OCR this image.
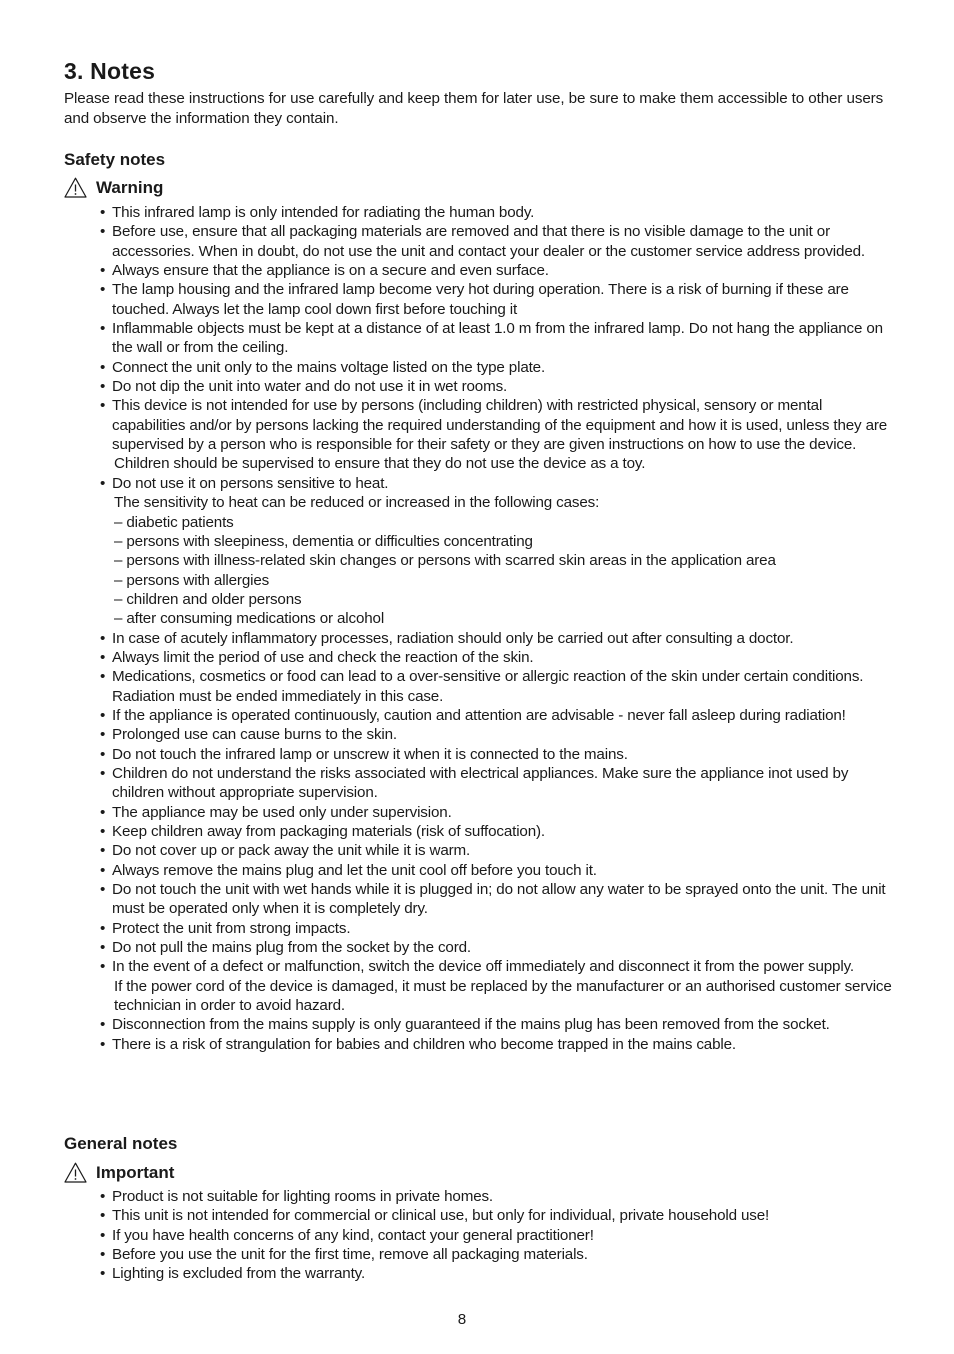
3. Notes

Please read these instructions for use carefully and keep them for later use, be sure to make them accessible to other users and observe the information they contain.

Safety notes
Warning
• This infrared lamp is only intended for radiating the human body.
• Before use, ensure that all packaging materials are removed and that there is no visible damage to the unit or accessories. When in doubt, do not use the unit and contact your dealer or the customer service address provided.
• Always ensure that the appliance is on a secure and even surface.
• The lamp housing and the infrared lamp become very hot during operation. There is a risk of burning if these are touched. Always let the lamp cool down first before touching it
• Inflammable objects must be kept at a distance of at least 1.0 m from the infrared lamp. Do not hang the appliance on the wall or from the ceiling.
• Connect the unit only to the mains voltage listed on the type plate.
• Do not dip the unit into water and do not use it in wet rooms.
• This device is not intended for use by persons (including children) with restricted physical, sensory or mental capabilities and/or by persons lacking the required understanding of the equipment and how it is used, unless they are supervised by a person who is responsible for their safety or they are given instructions on how to use the device.
Children should be supervised to ensure that they do not use the device as a toy.
• Do not use it on persons sensitive to heat.
The sensitivity to heat can be reduced or increased in the following cases:
– diabetic patients
– persons with sleepiness, dementia or difficulties concentrating
– persons with illness-related skin changes or persons with scarred skin areas in the application area
– persons with allergies
– children and older persons
– after consuming medications or alcohol
• In case of acutely inflammatory processes, radiation should only be carried out after consulting a doctor.
• Always limit the period of use and check the reaction of the skin.
• Medications, cosmetics or food can lead to a over-sensitive or allergic reaction of the skin under certain conditions. Radiation must be ended immediately in this case.
• If the appliance is operated continuously, caution and attention are advisable - never fall asleep during radiation!
• Prolonged use can cause burns to the skin.
• Do not touch the infrared lamp or unscrew it when it is connected to the mains.
• Children do not understand the risks associated with electrical appliances. Make sure the appliance inot used by children without appropriate supervision.
• The appliance may be used only under supervision.
• Keep children away from packaging materials (risk of suffocation).
• Do not cover up or pack away the unit while it is warm.
• Always remove the mains plug and let the unit cool off before you touch it.
• Do not touch the unit with wet hands while it is plugged in; do not allow any water to be sprayed onto the unit. The unit must be operated only when it is completely dry.
• Protect the unit from strong impacts.
• Do not pull the mains plug from the socket by the cord.
• In the event of a defect or malfunction, switch the device off immediately and disconnect it from the power supply.
If the power cord of the device is damaged, it must be replaced by the manufacturer or an authorised customer service technician in order to avoid hazard.
• Disconnection from the mains supply is only guaranteed if the mains plug has been removed from the socket.
• There is a risk of strangulation for babies and children who become trapped in the mains cable.
General notes
Important
• Product is not suitable for lighting rooms in private homes.
• This unit is not intended for commercial or clinical use, but only for individual, private household use!
• If you have health concerns of any kind, contact your general practitioner!
• Before you use the unit for the first time, remove all packaging materials.
• Lighting is excluded from the warranty.
8
